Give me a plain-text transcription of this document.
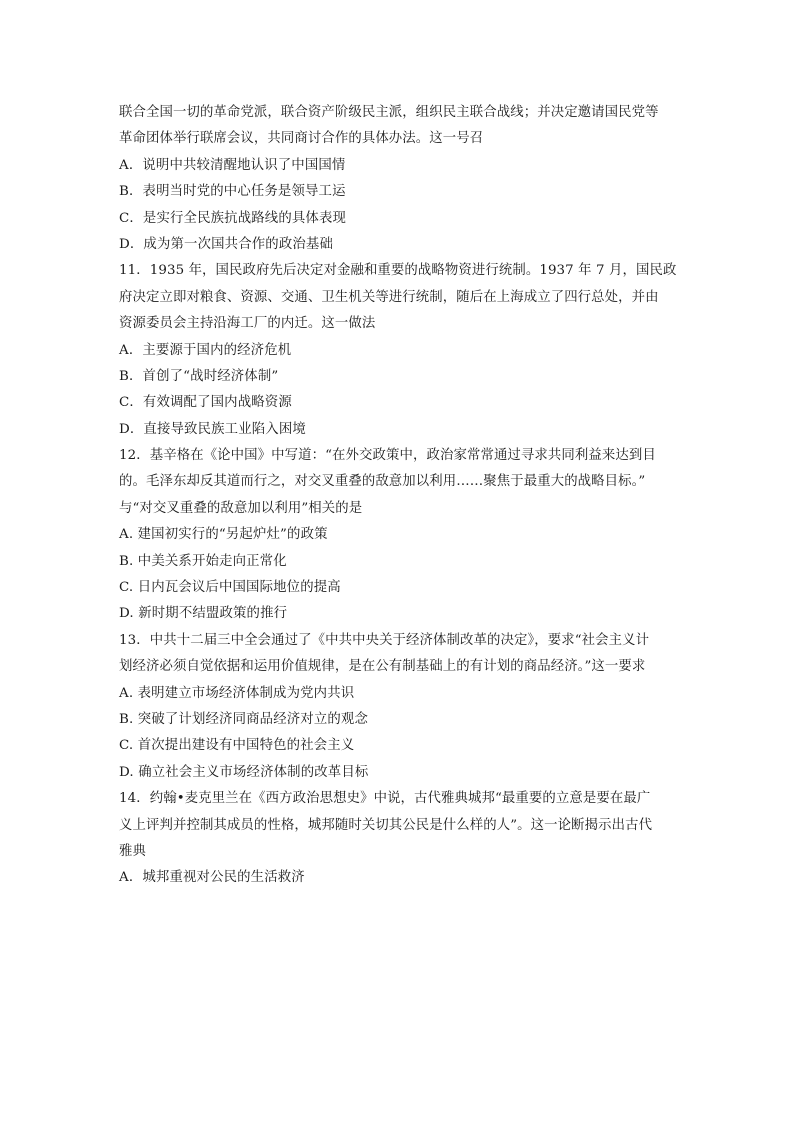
联合全国一切的革命党派，联合资产阶级民主派，组织民主联合战线；并决定邀请国民党等
革命团体举行联席会议，共同商讨合作的具体办法。这一号召
A．说明中共较清醒地认识了中国国情
B．表明当时党的中心任务是领导工运
C．是实行全民族抗战路线的具体表现
D．成为第一次国共合作的政治基础
11．1935 年，国民政府先后决定对金融和重要的战略物资进行统制。1937 年 7 月，国民政
府决定立即对粮食、资源、交通、卫生机关等进行统制，随后在上海成立了四行总处，并由
资源委员会主持沿海工厂的内迁。这一做法
A．主要源于国内的经济危机
B．首创了“战时经济体制”
C．有效调配了国内战略资源
D．直接导致民族工业陷入困境
12．基辛格在《论中国》中写道：“在外交政策中，政治家常常通过寻求共同利益来达到目
的。毛泽东却反其道而行之，对交叉重叠的敌意加以利用……聚焦于最重大的战略目标。”
与“对交叉重叠的敌意加以利用”相关的是
A. 建国初实行的“另起炉灶”的政策
B. 中美关系开始走向正常化
C. 日内瓦会议后中国国际地位的提高
D. 新时期不结盟政策的推行
13．中共十二届三中全会通过了《中共中央关于经济体制改革的决定》，要求“社会主义计
划经济必须自觉依据和运用价值规律，是在公有制基础上的有计划的商品经济。”这一要求
A. 表明建立市场经济体制成为党内共识
B. 突破了计划经济同商品经济对立的观念
C. 首次提出建设有中国特色的社会主义
D. 确立社会主义市场经济体制的改革目标
14．约翰•麦克里兰在《西方政治思想史》中说，古代雅典城邦“最重要的立意是要在最广
义上评判并控制其成员的性格，城邦随时关切其公民是什么样的人”。这一论断揭示出古代
雅典
A．城邦重视对公民的生活救济
